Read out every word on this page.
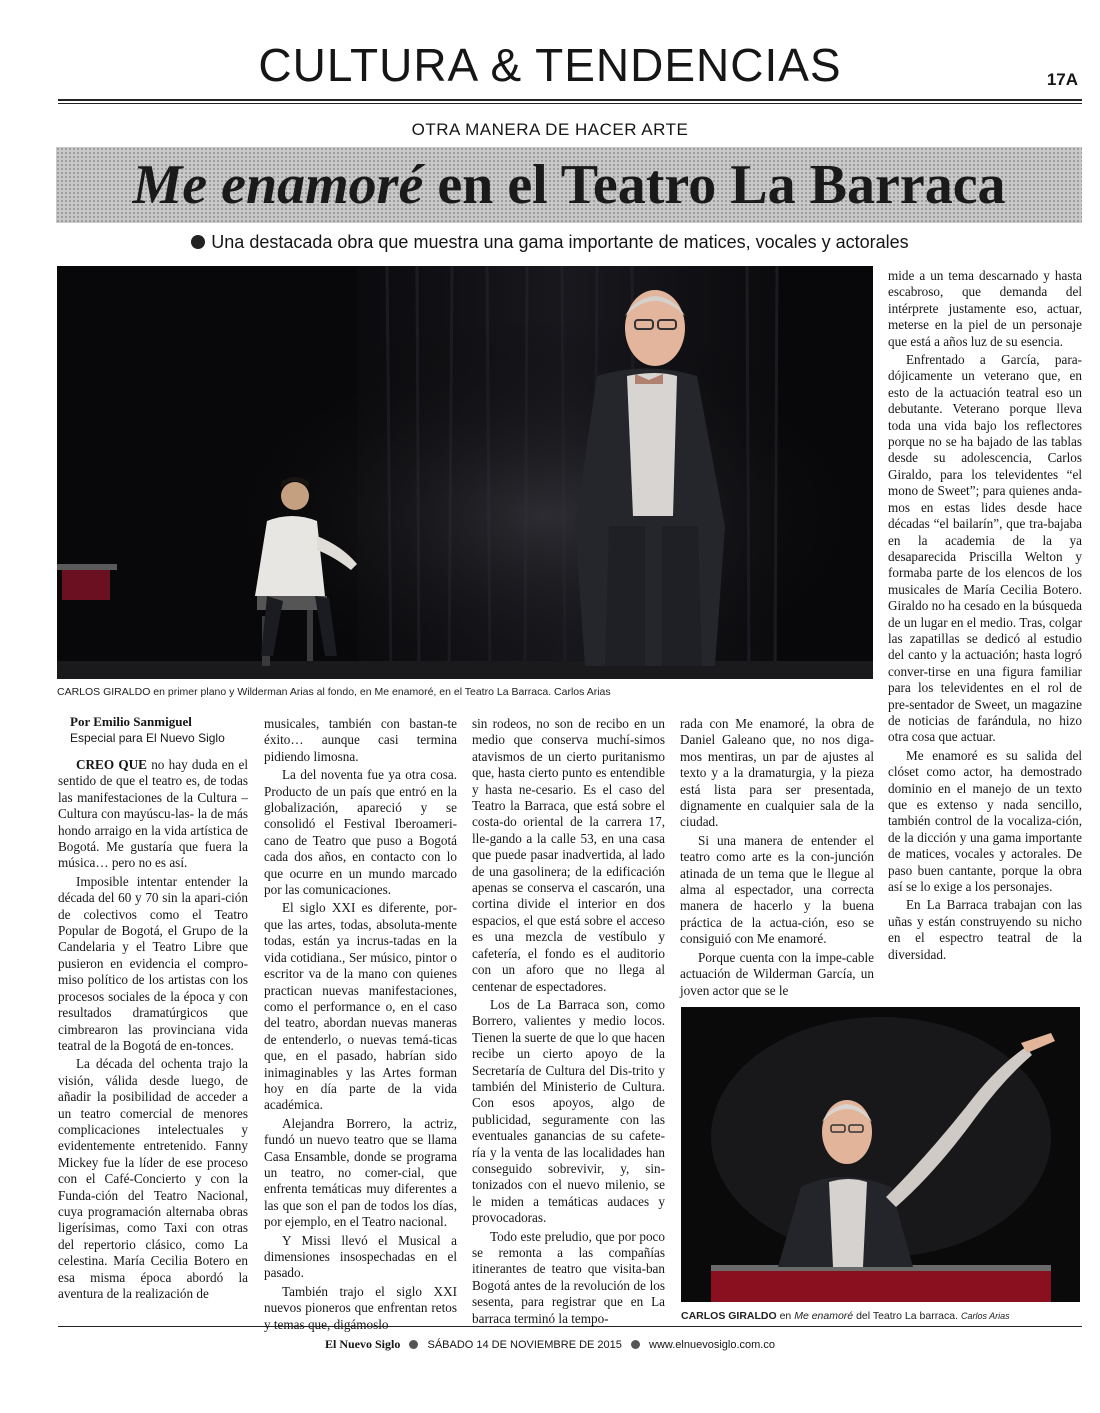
CULTURA & TENDENCIAS	17A
OTRA MANERA DE HACER ARTE
Me enamoré en el Teatro La Barraca
Una destacada obra que muestra una gama importante de matices, vocales y actorales
CARLOS GIRALDO en primer plano y Wilderman Arias al fondo, en Me enamoré, en el Teatro La Barraca. Carlos Arias
Por Emilio Sanmiguel
Especial para El Nuevo Siglo

CREO QUE no hay duda en el sentido de que el teatro es, de todas las manifestaciones de la Cultura –Cultura con mayúscu-las- la de más hondo arraigo en la vida artística de Bogotá. Me gustaría que fuera la música… pero no es así.

Imposible intentar entender la década del 60 y 70 sin la apari-ción de colectivos como el Teatro Popular de Bogotá, el Grupo de la Candelaria y el Teatro Libre que pusieron en evidencia el compro-miso político de los artistas con los procesos sociales de la época y con resultados dramatúrgicos que cimbrearon las provinciana vida teatral de la Bogotá de en-tonces.

La década del ochenta trajo la visión, válida desde luego, de añadir la posibilidad de acceder a un teatro comercial de menores complicaciones intelectuales y evidentemente entretenido. Fanny Mickey fue la líder de ese proceso con el Café-Concierto y con la Funda-ción del Teatro Nacional, cuya programación alternaba obras ligerísimas, como Taxi con otras del repertorio clásico, como La celestina. María Cecilia Botero en esa misma época abordó la aventura de la realización de

musicales, también con bastan-te éxito… aunque casi termina pidiendo limosna.

La del noventa fue ya otra cosa. Producto de un país que entró en la globalización, apareció y se consolidó el Festival Iberoameri-cano de Teatro que puso a Bogotá cada dos años, en contacto con lo que ocurre en un mundo marcado por las comunicaciones.

El siglo XXI es diferente, por-que las artes, todas, absoluta-mente todas, están ya incrus-tadas en la vida cotidiana., Ser músico, pintor o escritor va de la mano con quienes practican nuevas manifestaciones, como el performance o, en el caso del teatro, abordan nuevas maneras de entenderlo, o nuevas temá-ticas que, en el pasado, habrían sido inimaginables y las Artes forman hoy en día parte de la vida académica.

Alejandra Borrero, la actriz, fundó un nuevo teatro que se llama Casa Ensamble, donde se programa un teatro, no comer-cial, que enfrenta temáticas muy diferentes a las que son el pan de todos los días, por ejemplo, en el Teatro nacional.

Y Missi llevó el Musical a dimensiones insospechadas en el pasado.

También trajo el siglo XXI nuevos pioneros que enfrentan retos y temas que, digámoslo

sin rodeos, no son de recibo en un medio que conserva muchí-simos atavismos de un cierto puritanismo que, hasta cierto punto es entendible y hasta ne-cesario. Es el caso del Teatro la Barraca, que está sobre el costa-do oriental de la carrera 17, lle-gando a la calle 53, en una casa que puede pasar inadvertida, al lado de una gasolinera; de la edificación apenas se conserva el cascarón, una cortina divide el interior en dos espacios, el que está sobre el acceso es una mezcla de vestíbulo y cafetería, el fondo es el auditorio con un aforo que no llega al centenar de espectadores.

Los de La Barraca son, como Borrero, valientes y medio locos. Tienen la suerte de que lo que hacen recibe un cierto apoyo de la Secretaría de Cultura del Dis-trito y también del Ministerio de Cultura. Con esos apoyos, algo de publicidad, seguramente con las eventuales ganancias de su cafete-ría y la venta de las localidades han conseguido sobrevivir, y, sin-tonizados con el nuevo milenio, se le miden a temáticas audaces y provocadoras.

Todo este preludio, que por poco se remonta a las compañías itinerantes de teatro que visita-ban Bogotá antes de la revolución de los sesenta, para registrar que en La barraca terminó la tempo-

rada con Me enamoré, la obra de Daniel Galeano que, no nos diga-mos mentiras, un par de ajustes al texto y a la dramaturgia, y la pieza está lista para ser presentada, dignamente en cualquier sala de la ciudad.

Si una manera de entender el teatro como arte es la con-junción atinada de un tema que le llegue al alma al espectador, una correcta manera de hacerlo y la buena práctica de la actua-ción, eso se consiguió con Me enamoré.

Porque cuenta con la impe-cable actuación de Wilderman García, un joven actor que se le

mide a un tema descarnado y hasta escabroso, que demanda del intérprete justamente eso, actuar, meterse en la piel de un personaje que está a años luz de su esencia.

Enfrentado a García, para-dójicamente un veterano que, en esto de la actuación teatral eso un debutante. Veterano porque lleva toda una vida bajo los reflectores porque no se ha bajado de las tablas desde su adolescencia, Carlos Giraldo, para los televidentes “el mono de Sweet”; para quienes anda-mos en estas lides desde hace décadas “el bailarín”, que tra-bajaba en la academia de la ya desaparecida Priscilla Welton y formaba parte de los elencos de los musicales de María Cecilia Botero. Giraldo no ha cesado en la búsqueda de un lugar en el medio. Tras, colgar las zapatillas se dedicó al estudio del canto y la actuación; hasta logró conver-tirse en una figura familiar para los televidentes en el rol de pre-sentador de Sweet, un magazine de noticias de farándula, no hizo otra cosa que actuar.

Me enamoré es su salida del clóset como actor, ha demostrado dominio en el manejo de un texto que es extenso y nada sencillo, también control de la vocaliza-ción, de la dicción y una gama importante de matices, vocales y actorales. De paso buen cantante, porque la obra así se lo exige a los personajes.

En La Barraca trabajan con las uñas y están construyendo su nicho en el espectro teatral de la diversidad.

CARLOS GIRALDO en Me enamoré del Teatro La barraca. Carlos Arias
El Nuevo Siglo SÁBADO 14 DE NOVIEMBRE DE 2015 www.elnuevosiglo.com.co
